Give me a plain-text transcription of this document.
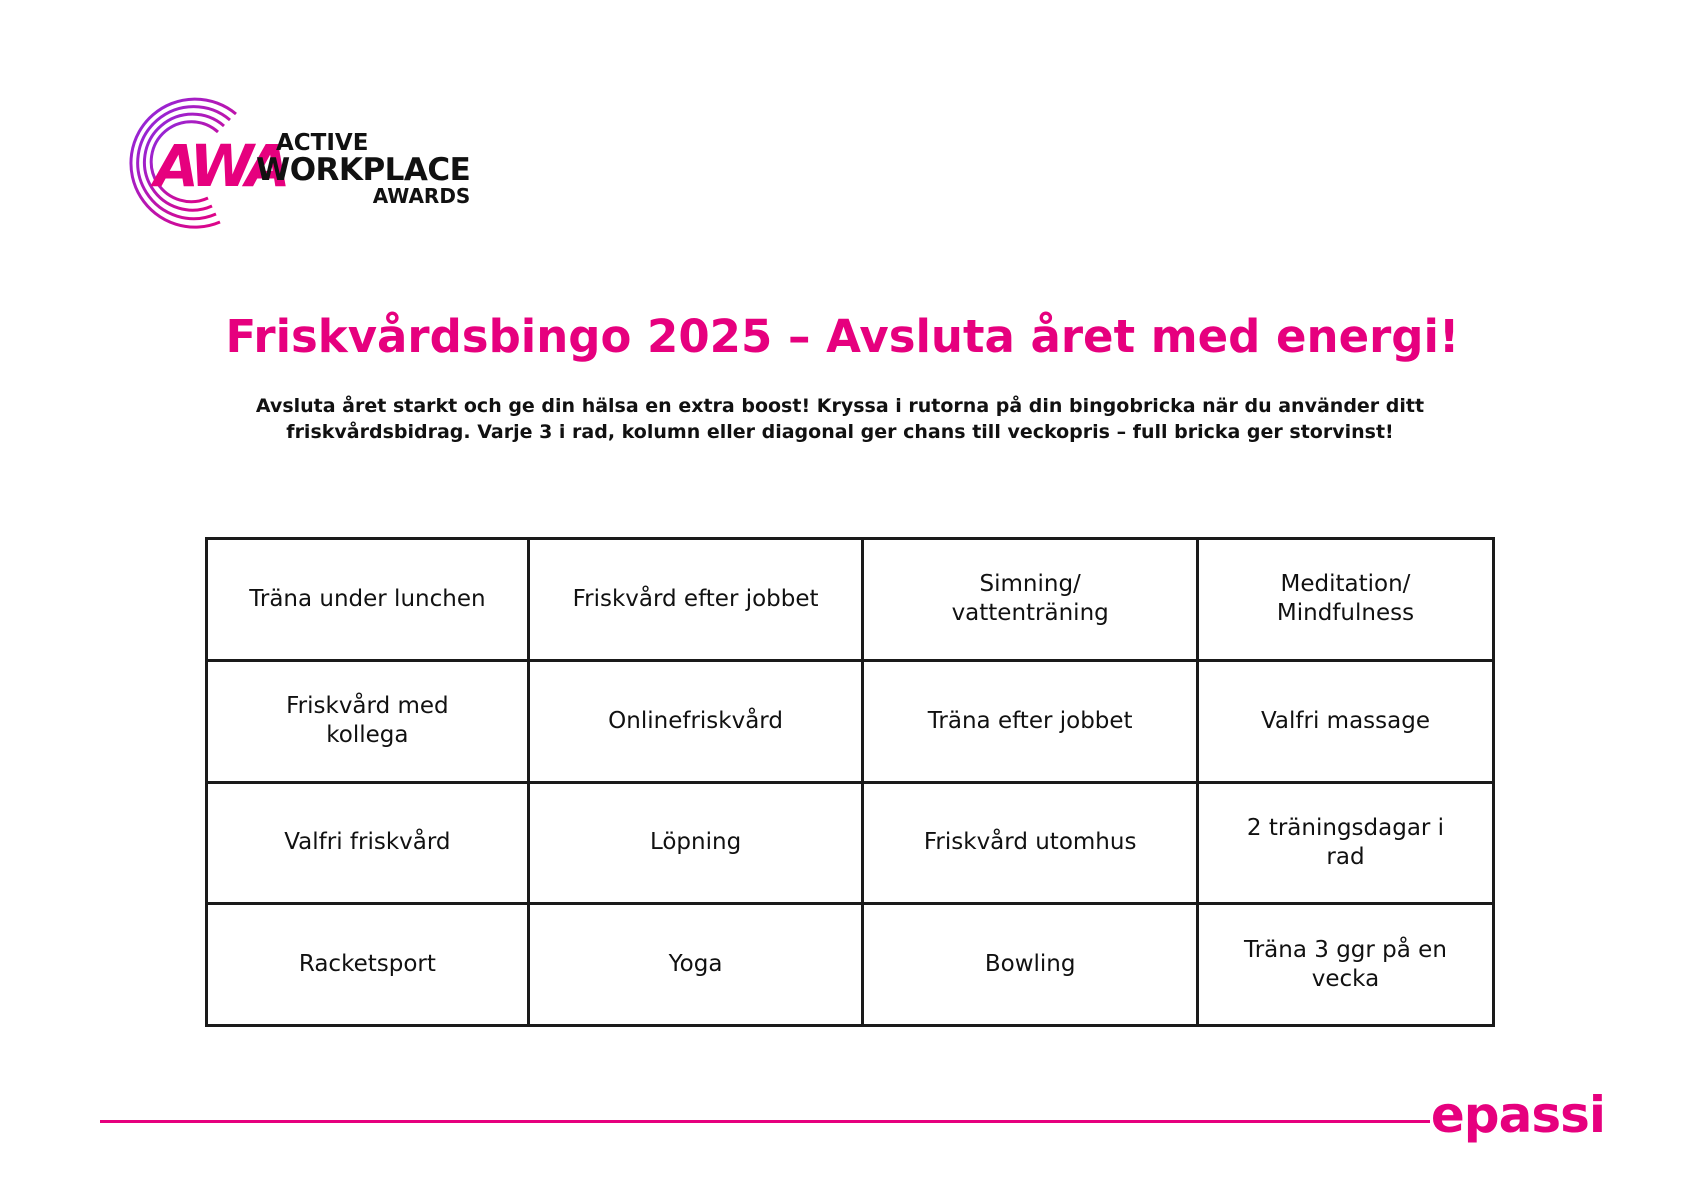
AWA
ACTIVE
WORKPLACE
AWARDS
Friskvårdsbingo 2025 – Avsluta året med energi!

Avsluta året starkt och ge din hälsa en extra boost! Kryssa i rutorna på din bingobricka när du använder ditt friskvårdsbidrag. Varje 3 i rad, kolumn eller diagonal ger chans till veckopris – full bricka ger storvinst!

Träna under lunchen	Friskvård efter jobbet	Simning/ vattenträning	Meditation/ Mindfulness
Friskvård med kollega	Onlinefriskvård	Träna efter jobbet	Valfri massage
Valfri friskvård	Löpning	Friskvård utomhus	2 träningsdagar i rad
Racketsport	Yoga	Bowling	Träna 3 ggr på en vecka
epassi
